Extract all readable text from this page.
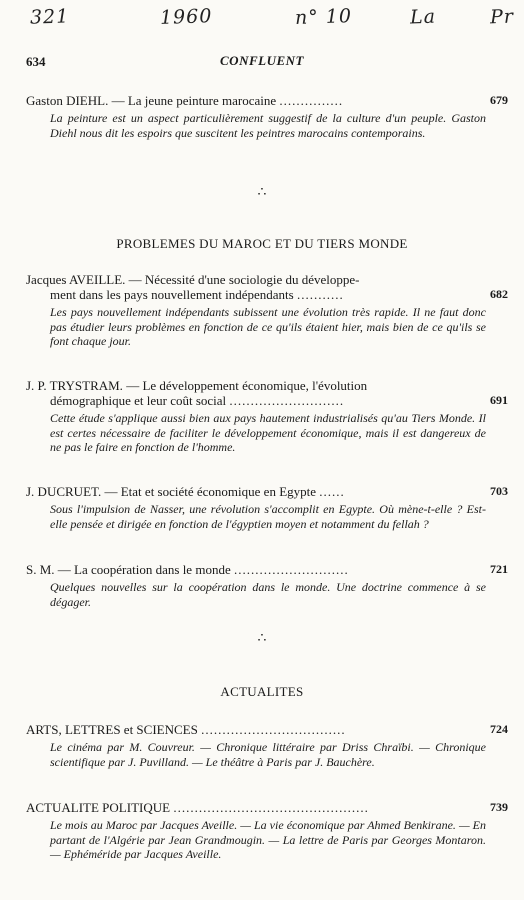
321	1960	n° 10	La	Pr
634	CONFLUENT
Gaston DIEHL. — La jeune peinture marocaine ...............	679
La peinture est un aspect particulièrement suggestif de la culture d'un peuple. Gaston Diehl nous dit les espoirs que suscitent les peintres marocains contemporains.
∴
PROBLEMES DU MAROC ET DU TIERS MONDE
Jacques AVEILLE. — Nécessité d'une sociologie du développe-
ment dans les pays nouvellement indépendants ...........	682
Les pays nouvellement indépendants subissent une évolution très rapide. Il ne faut donc pas étudier leurs problèmes en fonction de ce qu'ils étaient hier, mais bien de ce qu'ils se font chaque jour.
J. P. TRYSTRAM. — Le développement économique, l'évolution
démographique et leur coût social ...........................	691
Cette étude s'applique aussi bien aux pays hautement industrialisés qu'au Tiers Monde. Il est certes nécessaire de faciliter le développement économique, mais il est dangereux de ne pas le faire en fonction de l'homme.
J. DUCRUET. — Etat et société économique en Egypte ......	703
Sous l'impulsion de Nasser, une révolution s'accomplit en Egypte. Où mène-t-elle ? Est-elle pensée et dirigée en fonction de l'égyptien moyen et notamment du fellah ?
S. M. — La coopération dans le monde ...........................	721
Quelques nouvelles sur la coopération dans le monde. Une doctrine commence à se dégager.
∴
ACTUALITES
ARTS, LETTRES et SCIENCES ..................................	724
Le cinéma par M. Couvreur. — Chronique littéraire par Driss Chraïbi. — Chronique scientifique par J. Puvilland. — Le théâtre à Paris par J. Bauchère.
ACTUALITE POLITIQUE ..............................................	739
Le mois au Maroc par Jacques Aveille. — La vie économique par Ahmed Benkirane. — En partant de l'Algérie par Jean Grandmougin. — La lettre de Paris par Georges Montaron. — Ephéméride par Jacques Aveille.
